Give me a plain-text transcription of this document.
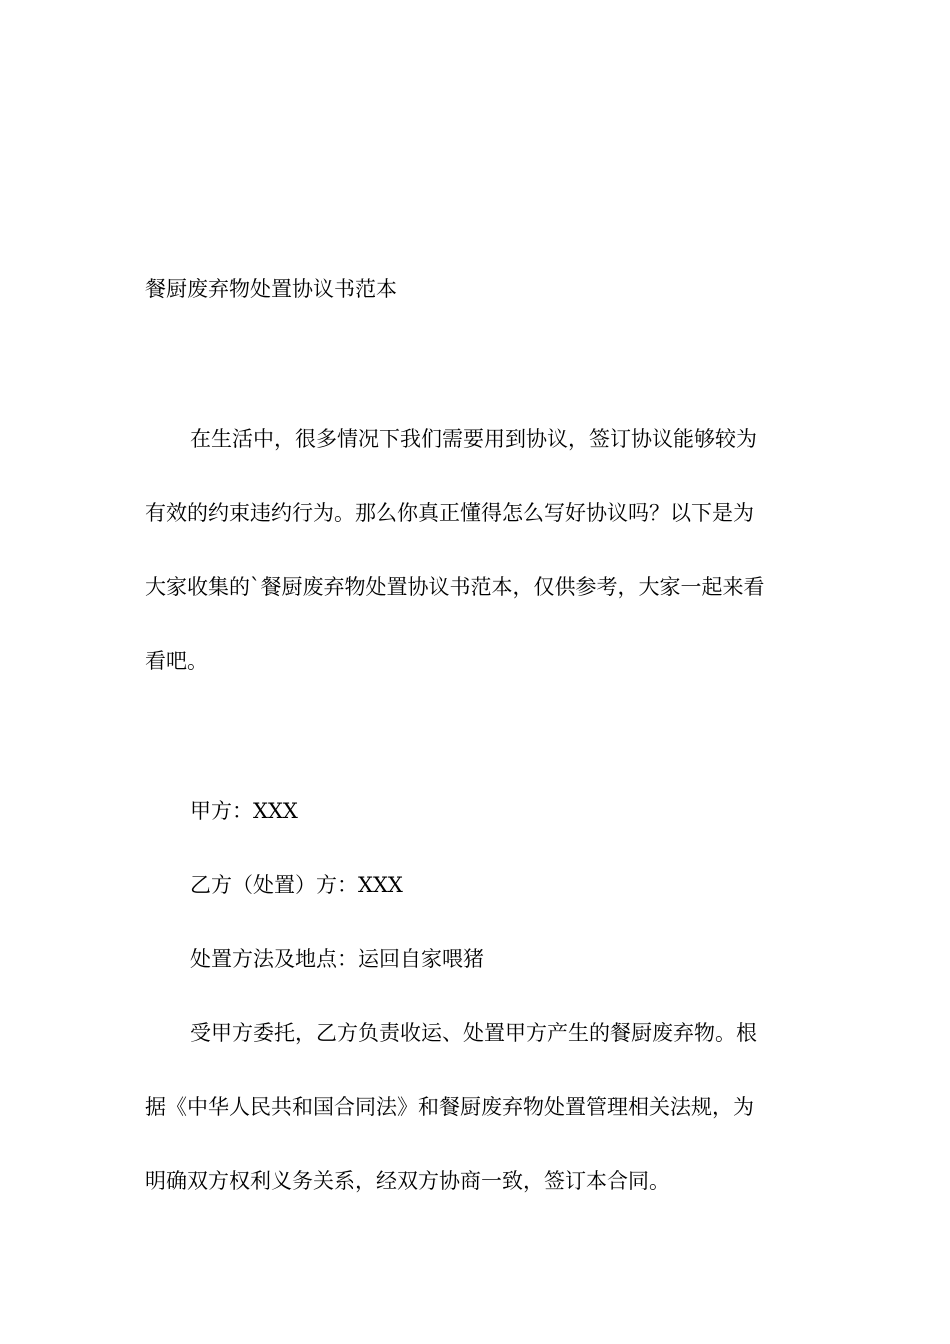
餐厨废弃物处置协议书范本
在生活中，很多情况下我们需要用到协议，签订协议能够较为
有效的约束违约行为。那么你真正懂得怎么写好协议吗？以下是为
大家收集的`餐厨废弃物处置协议书范本，仅供参考，大家一起来看
看吧。
甲方：XXX
乙方（处置）方：XXX
处置方法及地点：运回自家喂猪
受甲方委托，乙方负责收运、处置甲方产生的餐厨废弃物。根
据《中华人民共和国合同法》和餐厨废弃物处置管理相关法规，为
明确双方权利义务关系，经双方协商一致，签订本合同。
